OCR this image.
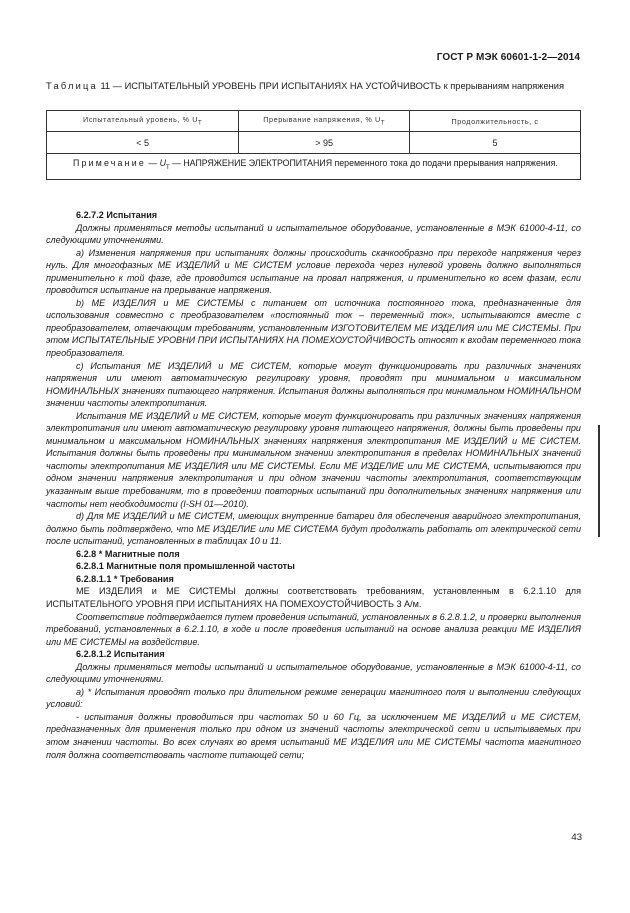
ГОСТ Р МЭК 60601-1-2—2014
Таблица 11 — ИСПЫТАТЕЛЬНЫЙ УРОВЕНЬ ПРИ ИСПЫТАНИЯХ НА УСТОЙЧИВОСТЬ к прерываниям напряжения
Испытательный уровень, % $U_Т$	Прерывание напряжения, % $U_Т$	Продолжительность, с
< 5	> 95	5
Примечание — $U_Т$ — НАПРЯЖЕНИЕ ЭЛЕКТРОПИТАНИЯ переменного тока до подачи прерывания напряжения.		

6.2.7.2 Испытания

Должны применяться методы испытаний и испытательное оборудование, установленные в МЭК 61000-4-11, со следующими уточнениями.

а) Изменения напряжения при испытаниях должны происходить скачкообразно при переходе напряжения через нуль. Для многофазных МЕ ИЗДЕЛИЙ и МЕ СИСТЕМ условие перехода через нулевой уровень должно выполняться применительно к той фазе, где проводится испытание на провал напряжения, и применительно ко всем фазам, если проводится испытание на прерывание напряжения.

b) МЕ ИЗДЕЛИЯ и МЕ СИСТЕМЫ с питанием от источника постоянного тока, предназначенные для использования совместно с преобразователем «постоянный ток – переменный ток», испытываются вместе с преобразователем, отвечающим требованиям, установленным ИЗГОТОВИТЕЛЕМ МЕ ИЗДЕЛИЯ или МЕ СИСТЕМЫ. При этом ИСПЫТАТЕЛЬНЫЕ УРОВНИ ПРИ ИСПЫТАНИЯХ НА ПОМЕХОУСТОЙЧИВОСТЬ относят к входам переменного тока преобразователя.

с) Испытания МЕ ИЗДЕЛИЙ и МЕ СИСТЕМ, которые могут функционировать при различных значениях напряжения или имеют автоматическую регулировку уровня, проводят при минимальном и максимальном НОМИНАЛЬНЫХ значениях питающего напряжения. Испытания должны выполняться при минимальном НОМИНАЛЬНОМ значении частоты электропитания.

Испытания МЕ ИЗДЕЛИЙ и МЕ СИСТЕМ, которые могут функционировать при различных значениях напряжения электропитания или имеют автоматическую регулировку уровня питающего напряжения, должны быть проведены при минимальном и максимальном НОМИНАЛЬНЫХ значениях напряжения электропитания МЕ ИЗДЕЛИЙ и МЕ СИСТЕМ. Испытания должны быть проведены при минимальном значении электропитания в пределах НОМИНАЛЬНЫХ значений частоты электропитания МЕ ИЗДЕЛИЯ или МЕ СИСТЕМЫ. Если МЕ ИЗДЕЛИЕ или МЕ СИСТЕМА, испытываются при одном значении напряжения электропитания и при одном значении частоты электропитания, соответствующим указанным выше требованиям, то в проведении повторных испытаний при дополнительных значениях напряжения или частоты нет необходимости (I-SH 01—2010).

d) Для МЕ ИЗДЕЛИЙ и МЕ СИСТЕМ, имеющих внутренние батареи для обеспечения аварийного электропитания, должно быть подтверждено, что МЕ ИЗДЕЛИЕ или МЕ СИСТЕМА будут продолжать работать от электрической сети после испытаний, установленных в таблицах 10 и 11.

6.2.8 * Магнитные поля

6.2.8.1 Магнитные поля промышленной частоты

6.2.8.1.1 * Требования

МЕ ИЗДЕЛИЯ и МЕ СИСТЕМЫ должны соответствовать требованиям, установленным в 6.2.1.10 для ИСПЫТАТЕЛЬНОГО УРОВНЯ ПРИ ИСПЫТАНИЯХ НА ПОМЕХОУСТОЙЧИВОСТЬ 3 А/м.

Соответствие подтверждается путем проведения испытаний, установленных в 6.2.8.1.2, и проверки выполнения требований, установленных в 6.2.1.10, в ходе и после проведения испытаний на основе анализа реакции МЕ ИЗДЕЛИЯ или МЕ СИСТЕМЫ на воздействие.

6.2.8.1.2 Испытания

Должны применяться методы испытаний и испытательное оборудование, установленные в МЭК 61000-4-11, со следующими уточнениями.

а) * Испытания проводят только при длительном режиме генерации магнитного поля и выполнении следующих условий:

- испытания должны проводиться при частотах 50 и 60 Гц, за исключением МЕ ИЗДЕЛИЙ и МЕ СИСТЕМ, предназначенных для применения только при одном из значений частоты электрической сети и испытываемых при этом значении частоты. Во всех случаях во время испытаний МЕ ИЗДЕЛИЯ или МЕ СИСТЕМЫ частота магнитного поля должна соответствовать частоте питающей сети;

43
